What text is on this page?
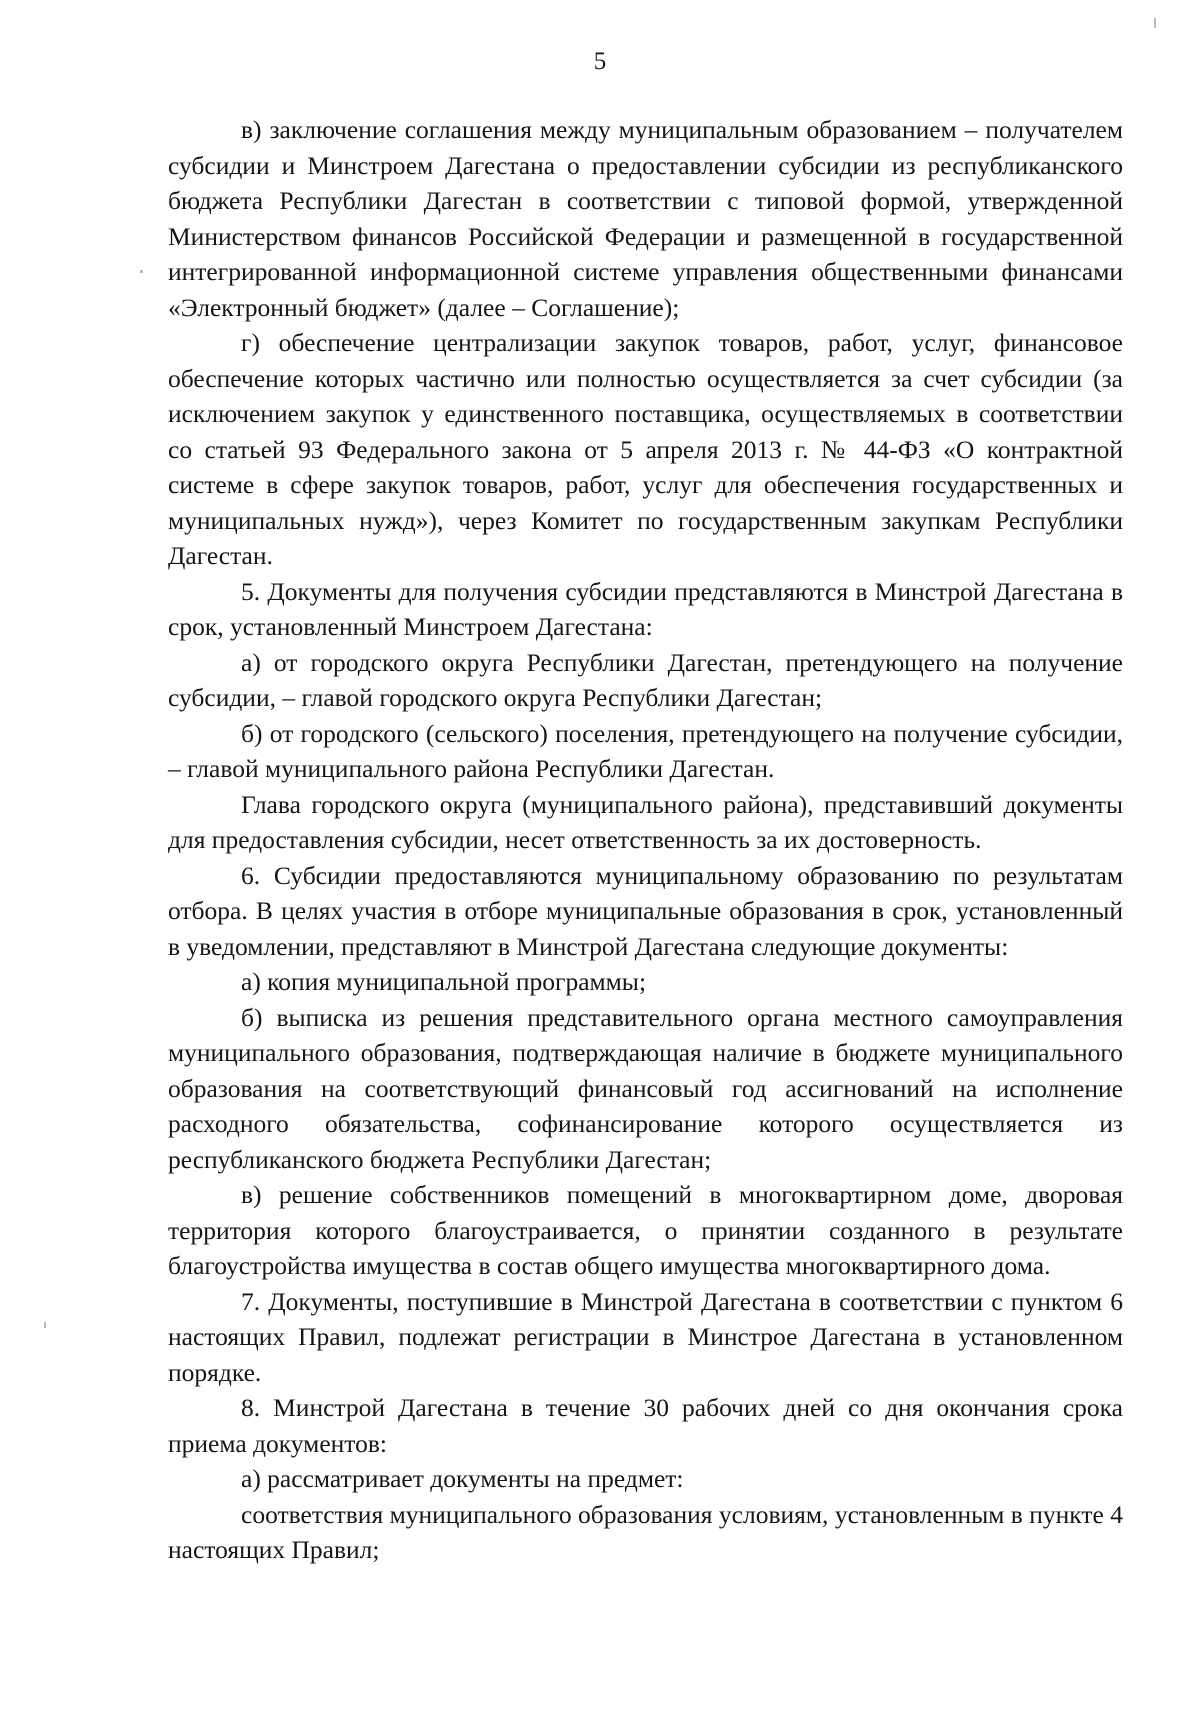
5

в) заключение соглашения между муниципальным образованием – получателем субсидии и Минстроем Дагестана о предоставлении субсидии из республиканского бюджета Республики Дагестан в соответствии с типовой формой, утвержденной Министерством финансов Российской Федерации и размещенной в государственной интегрированной информационной системе управления общественными финансами «Электронный бюджет» (далее – Соглашение);

г) обеспечение централизации закупок товаров, работ, услуг, финансовое обеспечение которых частично или полностью осуществляется за счет субсидии (за исключением закупок у единственного поставщика, осуществляемых в соответствии со статьей 93 Федерального закона от 5 апреля 2013 г. № 44-ФЗ «О контрактной системе в сфере закупок товаров, работ, услуг для обеспечения государственных и муниципальных нужд»), через Комитет по государственным закупкам Республики Дагестан.

5. Документы для получения субсидии представляются в Минстрой Дагестана в срок, установленный Минстроем Дагестана:

а) от городского округа Республики Дагестан, претендующего на получение субсидии, – главой городского округа Республики Дагестан;

б) от городского (сельского) поселения, претендующего на получение субсидии, – главой муниципального района Республики Дагестан.

Глава городского округа (муниципального района), представивший документы для предоставления субсидии, несет ответственность за их достоверность.

6. Субсидии предоставляются муниципальному образованию по результатам отбора. В целях участия в отборе муниципальные образования в срок, установленный в уведомлении, представляют в Минстрой Дагестана следующие документы:

а) копия муниципальной программы;

б) выписка из решения представительного органа местного самоуправления муниципального образования, подтверждающая наличие в бюджете муниципального образования на соответствующий финансовый год ассигнований на исполнение расходного обязательства, софинансирование которого осуществляется из республиканского бюджета Республики Дагестан;

в) решение собственников помещений в многоквартирном доме, дворовая территория которого благоустраивается, о принятии созданного в результате благоустройства имущества в состав общего имущества многоквартирного дома.

7. Документы, поступившие в Минстрой Дагестана в соответствии с пунктом 6 настоящих Правил, подлежат регистрации в Минстрое Дагестана в установленном порядке.

8. Минстрой Дагестана в течение 30 рабочих дней со дня окончания срока приема документов:

а) рассматривает документы на предмет:

соответствия муниципального образования условиям, установленным в пункте 4 настоящих Правил;
